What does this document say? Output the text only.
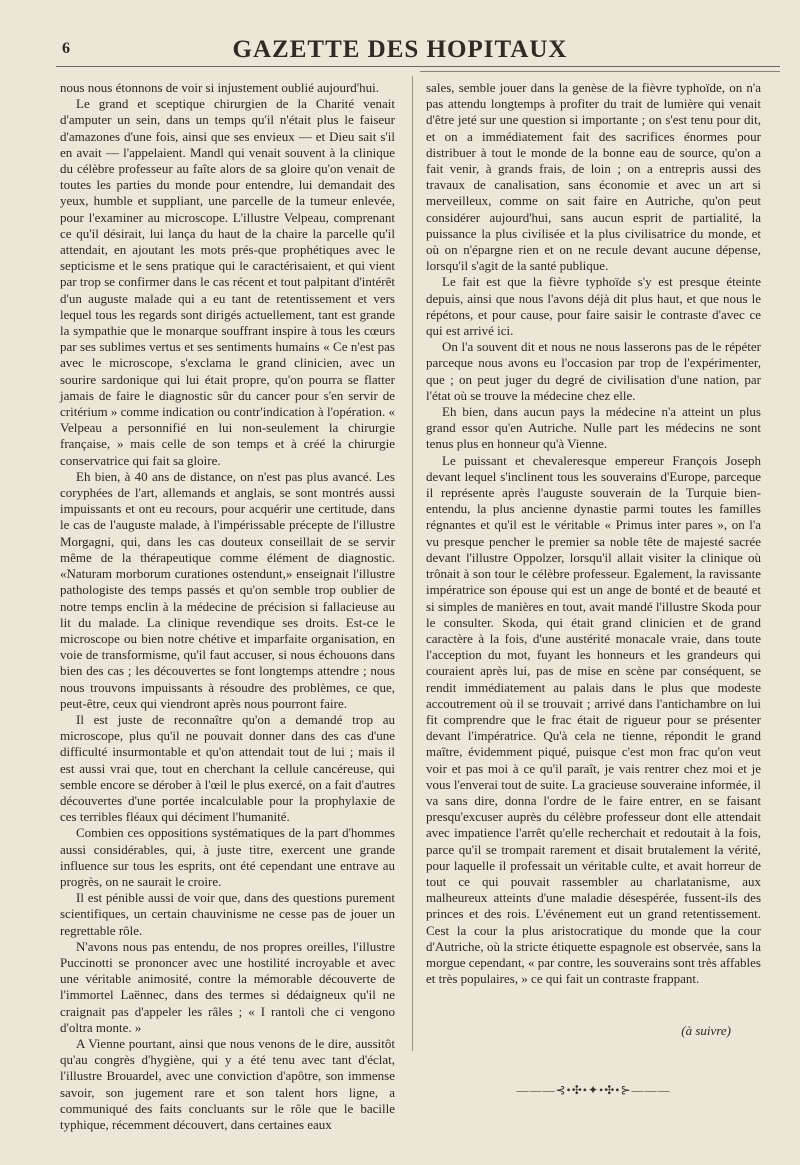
6	GAZETTE DES HOPITAUX

nous nous étonnons de voir si injustement oublié aujourd'hui.

Le grand et sceptique chirurgien de la Charité venait d'amputer un sein, dans un temps qu'il n'était plus le faiseur d'amazones d'une fois, ainsi que ses envieux — et Dieu sait s'il en avait — l'appelaient. Mandl qui venait souvent à la clinique du célèbre professeur au faîte alors de sa gloire qu'on venait de toutes les parties du monde pour entendre, lui demandait des yeux, humble et suppliant, une parcelle de la tumeur enlevée, pour l'examiner au microscope. L'illustre Velpeau, comprenant ce qu'il désirait, lui lança du haut de la chaire la parcelle qu'il attendait, en ajoutant les mots prés-que prophétiques avec le septicisme et le sens pratique qui le caractérisaient, et qui vient par trop se confirmer dans le cas récent et tout palpitant d'intérêt d'un auguste malade qui a eu tant de retentissement et vers lequel tous les regards sont dirigés actuellement, tant est grande la sympathie que le monarque souffrant inspire à tous les cœurs par ses sublimes vertus et ses sentiments humains « Ce n'est pas avec le microscope, s'exclama le grand clinicien, avec un sourire sardonique qui lui était propre, qu'on pourra se flatter jamais de faire le diagnostic sûr du cancer pour s'en servir de critérium » comme indication ou contr'indication à l'opération. « Velpeau a personnifié en lui non-seulement la chirurgie française, » mais celle de son temps et à créé la chirurgie conservatrice qui fait sa gloire.

Eh bien, à 40 ans de distance, on n'est pas plus avancé. Les coryphées de l'art, allemands et anglais, se sont montrés aussi impuissants et ont eu recours, pour acquérir une certitude, dans le cas de l'auguste malade, à l'impérissable précepte de l'illustre Morgagni, qui, dans les cas douteux conseillait de se servir même de la thérapeutique comme élément de diagnostic. «Naturam morborum curationes ostendunt,» enseignait l'illustre pathologiste des temps passés et qu'on semble trop oublier de notre temps enclin à la médecine de précision si fallacieuse au lit du malade. La clinique revendique ses droits. Est-ce le microscope ou bien notre chétive et imparfaite organisation, en voie de transformisme, qu'il faut accuser, si nous échouons dans bien des cas ; les découvertes se font longtemps attendre ; nous nous trouvons impuissants à résoudre des problèmes, ce que, peut-être, ceux qui viendront après nous pourront faire.

Il est juste de reconnaître qu'on a demandé trop au microscope, plus qu'il ne pouvait donner dans des cas d'une difficulté insurmontable et qu'on attendait tout de lui ; mais il est aussi vrai que, tout en cherchant la cellule cancéreuse, qui semble encore se dérober à l'œil le plus exercé, on a fait d'autres découvertes d'une portée incalculable pour la prophylaxie de ces terribles fléaux qui déciment l'humanité.

Combien ces oppositions systématiques de la part d'hommes aussi considérables, qui, à juste titre, exercent une grande influence sur tous les esprits, ont été cependant une entrave au progrès, on ne saurait le croire.

Il est pénible aussi de voir que, dans des questions purement scientifiques, un certain chauvinisme ne cesse pas de jouer un regrettable rôle.

N'avons nous pas entendu, de nos propres oreilles, l'illustre Puccinotti se prononcer avec une hostilité incroyable et avec une véritable animosité, contre la mémorable découverte de l'immortel Laënnec, dans des termes si dédaigneux qu'il ne craignait pas d'appeler les râles ; « I rantoli che ci vengono d'oltra monte. »

A Vienne pourtant, ainsi que nous venons de le dire, aussitôt qu'au congrès d'hygiène, qui y a été tenu avec tant d'éclat, l'illustre Brouardel, avec une conviction d'apôtre, son immense savoir, son jugement rare et son talent hors ligne, a communiqué des faits concluants sur le rôle que le bacille typhique, récemment découvert, dans certaines eaux

sales, semble jouer dans la genèse de la fièvre typhoïde, on n'a pas attendu longtemps à profiter du trait de lumière qui venait d'être jeté sur une question si importante ; on s'est tenu pour dit, et on a immédiatement fait des sacrifices énormes pour distribuer à tout le monde de la bonne eau de source, qu'on a fait venir, à grands frais, de loin ; on a entrepris aussi des travaux de canalisation, sans économie et avec un art si merveilleux, comme on sait faire en Autriche, qu'on peut considérer aujourd'hui, sans aucun esprit de partialité, la puissance la plus civilisée et la plus civilisatrice du monde, et où on n'épargne rien et on ne recule devant aucune dépense, lorsqu'il s'agit de la santé publique.

Le fait est que la fièvre typhoïde s'y est presque éteinte depuis, ainsi que nous l'avons déjà dit plus haut, et que nous le répétons, et pour cause, pour faire saisir le contraste d'avec ce qui est arrivé ici.

On l'a souvent dit et nous ne nous lasserons pas de le répéter parceque nous avons eu l'occasion par trop de l'expérimenter, que ; on peut juger du degré de civilisation d'une nation, par l'état où se trouve la médecine chez elle.

Eh bien, dans aucun pays la médecine n'a atteint un plus grand essor qu'en Autriche. Nulle part les médecins ne sont tenus plus en honneur qu'à Vienne.

Le puissant et chevaleresque empereur François Joseph devant lequel s'inclinent tous les souverains d'Europe, parceque il représente après l'auguste souverain de la Turquie bien-entendu, la plus ancienne dynastie parmi toutes les familles régnantes et qu'il est le véritable « Primus inter pares », on l'a vu presque pencher le premier sa noble tête de majesté sacrée devant l'illustre Oppolzer, lorsqu'il allait visiter la clinique où trônait à son tour le célèbre professeur. Egalement, la ravissante impératrice son épouse qui est un ange de bonté et de beauté et si simples de manières en tout, avait mandé l'illustre Skoda pour le consulter. Skoda, qui était grand clinicien et de grand caractère à la fois, d'une austérité monacale vraie, dans toute l'acception du mot, fuyant les honneurs et les grandeurs qui couraient après lui, pas de mise en scène par conséquent, se rendit immédiatement au palais dans le plus que modeste accoutrement où il se trouvait ; arrivé dans l'antichambre on lui fit comprendre que le frac était de rigueur pour se présenter devant l'impératrice. Qu'à cela ne tienne, répondit le grand maître, évidemment piqué, puisque c'est mon frac qu'on veut voir et pas moi à ce qu'il paraît, je vais rentrer chez moi et je vous l'enverai tout de suite. La gracieuse souveraine informée, il va sans dire, donna l'ordre de le faire entrer, en se faisant presqu'excuser auprès du célèbre professeur dont elle attendait avec impatience l'arrêt qu'elle recherchait et redoutait à la fois, parce qu'il se trompait rarement et disait brutalement la vérité, pour laquelle il professait un véritable culte, et avait horreur de tout ce qui pouvait rassembler au charlatanisme, aux malheureux atteints d'une maladie désespérée, fussent-ils des princes et des rois. L'événement eut un grand retentissement. Cest la cour la plus aristocratique du monde que la cour d'Autriche, où la stricte étiquette espagnole est observée, sans la morgue cependant, « par contre, les souverains sont très affables et très populaires, » ce qui fait un contraste frappant.

(à suivre)
———⊰•✣•✦•✣•⊱———
